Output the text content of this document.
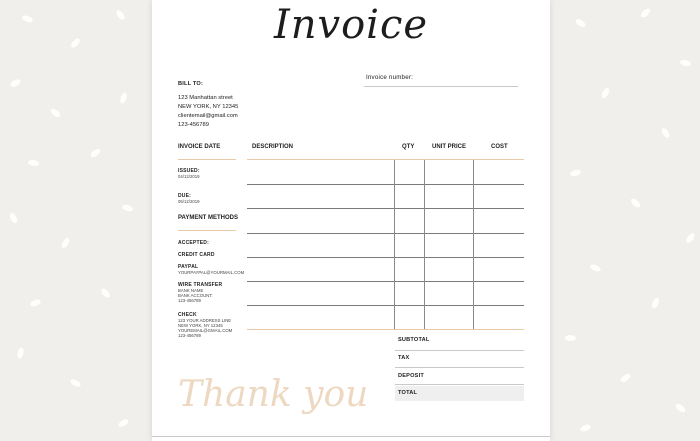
Invoice
Invoice number:
BILL TO:
123 Manhattan street
NEW YORK, NY 12345
clientemail@gmail.com
123-456789
INVOICE DATE
ISSUED:
04/12/2019
DUE:
05/12/2019
PAYMENT METHODS
ACCEPTED:
CREDIT CARD
PAYPAL
YOURPAYPAL@YOURMAIL.COM
WIRE TRANSFER
BANK NAME
BANK ACCOUNT:
123-456789
CHECK
123 YOUR ADDRESS LINE
NEW YORK, NY 12345
YOUREMAIL@GMAIL.COM
123-456789
DESCRIPTION	QTY	UNIT PRICE	COST
SUBTOTAL
TAX
DEPOSIT
TOTAL
Thank you
